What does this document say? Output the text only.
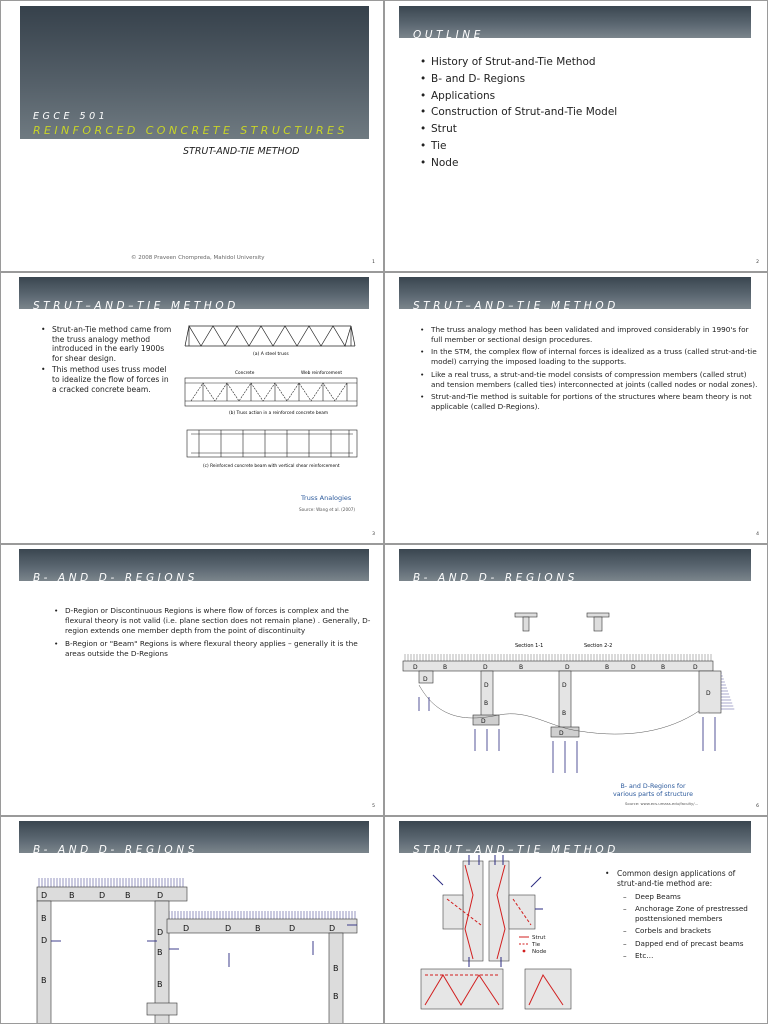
EGCE 501
REINFORCED CONCRETE STRUCTURES
STRUT-AND-TIE METHOD
© 2008 Praveen Chompreda, Mahidol University
1
OUTLINE
• History of Strut-and-Tie Method
• B- and D- Regions
• Applications
• Construction of Strut-and-Tie Model
• Strut
• Tie
• Node
2
STRUT–AND–TIE METHOD
• Strut-an-Tie method came from the truss analogy method introduced in the early 1900s for shear design.
• This method uses truss model to idealize the flow of forces in a cracked concrete beam.
(a) A steel truss
Concrete	Web reinforcement
(b) Truss action in a reinforced concrete beam
(c) Reinforced concrete beam with vertical shear reinforcement
Truss Analogies
Source: Wang et al. (2007)
3
STRUT–AND–TIE METHOD
• The truss analogy method has been validated and improved considerably in 1990's for full member or sectional design procedures.
• In the STM, the complex flow of internal forces is idealized as a truss (called strut-and-tie model) carrying the imposed loading to the supports.
• Like a real truss, a strut-and-tie model consists of compression members (called strut) and tension members (called ties) interconnected at joints (called nodes or nodal zones).
• Strut-and-Tie method is suitable for portions of the structures where beam theory is not applicable (called D-Regions).
4
B- AND D- REGIONS
• D-Region or Discontinuous Regions is where flow of forces is complex and the flexural theory is not valid (i.e. plane section does not remain plane) . Generally, D-region extends one member depth from the point of discontinuity
• B-Region or "Beam" Regions is where flexural theory applies – generally it is the areas outside the D-Regions
5
B- AND D- REGIONS
Section 1-1	Section 2-2
D	B	D	B	D	B	D	B	D
D
D
B
D
D
B
D
D
B- and D-Regions for
various parts of structure
Source: www.ecs.umass.edu/faculty/...
6
B- AND D- REGIONS
D	B	D B	D
B
D
B
D
B
B
D	D	B	D	D
B
B
STRUT–AND–TIE METHOD
Strut
Tie
Node
• Common design applications of strut-and-tie method are:
– Deep Beams
– Anchorage Zone of prestressed posttensioned members
– Corbels and brackets
– Dapped end of precast beams
– Etc…
